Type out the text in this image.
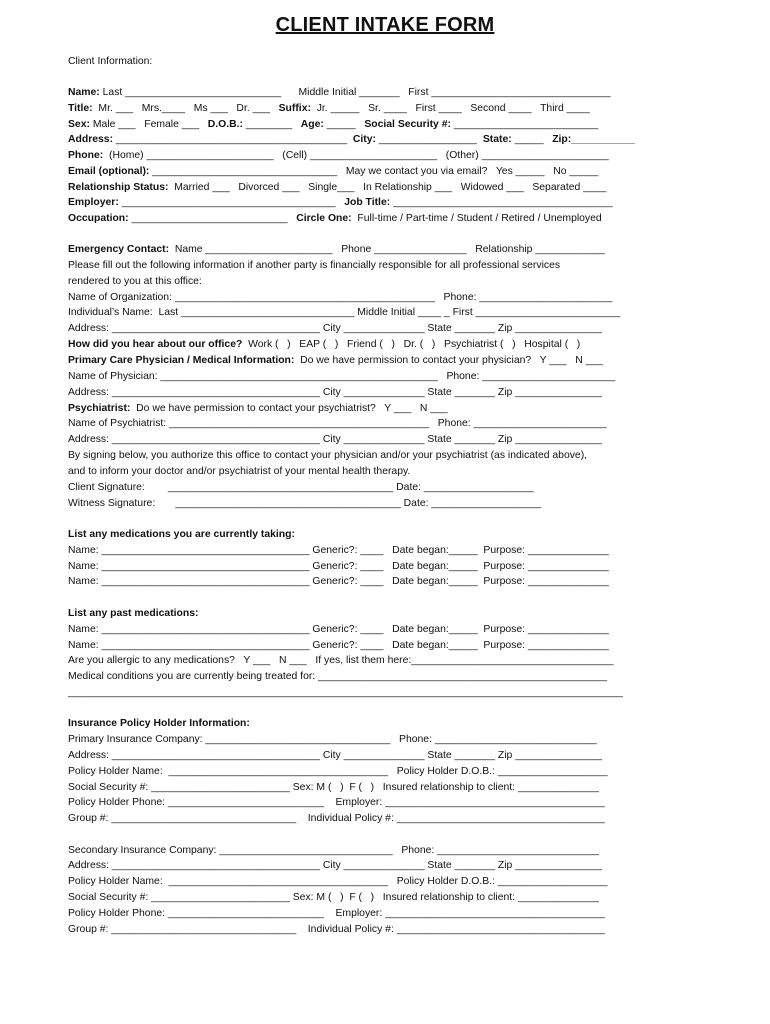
CLIENT INTAKE FORM
Client Information:
Name: Last ___________________________      Middle Initial _______   First _______________________________
Title:  Mr. ___   Mrs.____   Ms ___   Dr. ___   Suffix:  Jr. _____   Sr. ____   First ____   Second ____   Third ____
Sex: Male ___   Female ___   D.O.B.: ________   Age: _____   Social Security #: _________________________
Address: ________________________________________  City: _________________  State: _____   Zip:___________
Phone:  (Home) ______________________   (Cell) ______________________   (Other) ______________________
Email (optional): ________________________________   May we contact you via email?   Yes _____   No _____
Relationship Status:  Married ___   Divorced ___   Single___   In Relationship ___   Widowed ___   Separated ____
Employer: _____________________________________   Job Title: ______________________________________
Occupation: ___________________________   Circle One:  Full-time / Part-time / Student / Retired / Unemployed
Emergency Contact:  Name ______________________   Phone ________________   Relationship ____________
Please fill out the following information if another party is financially responsible for all professional services
rendered to you at this office:
Name of Organization: _____________________________________________   Phone: _______________________
Individual’s Name:  Last ______________________________ Middle Initial ____ _ First _________________________
Address: ____________________________________ City ______________ State _______ Zip _______________
How did you hear about our office?  Work (   )   EAP (   )   Friend (   )   Dr. (   )   Psychiatrist (   )   Hospital (   )
Primary Care Physician / Medical Information:  Do we have permission to contact your physician?   Y ___   N ___
Name of Physician: ________________________________________________   Phone: _______________________
Address: ____________________________________ City ______________ State _______ Zip _______________
Psychiatrist:  Do we have permission to contact your psychiatrist?   Y ___   N ___
Name of Psychiatrist: _____________________________________________   Phone: _______________________
Address: ____________________________________ City ______________ State _______ Zip _______________
By signing below, you authorize this office to contact your physician and/or your psychiatrist (as indicated above),
and to inform your doctor and/or psychiatrist of your mental health therapy.
Client Signature:        _______________________________________ Date: ___________________
Witness Signature:       _______________________________________ Date: ___________________
List any medications you are currently taking:
Name: ____________________________________ Generic?: ____   Date began:_____  Purpose: ______________
Name: ____________________________________ Generic?: ____   Date began:_____  Purpose: ______________
Name: ____________________________________ Generic?: ____   Date began:_____  Purpose: ______________
List any past medications:
Name: ____________________________________ Generic?: ____   Date began:_____  Purpose: ______________
Name: ____________________________________ Generic?: ____   Date began:_____  Purpose: ______________
Are you allergic to any medications?   Y ___   N ___   If yes, list them here:___________________________________
Medical conditions you are currently being treated for: __________________________________________________
________________________________________________________________________________________________
Insurance Policy Holder Information:
Primary Insurance Company: ________________________________   Phone: ____________________________
Address: ____________________________________ City ______________ State _______ Zip _______________
Policy Holder Name:  ______________________________________   Policy Holder D.O.B.: ___________________
Social Security #: ________________________ Sex: M (   )  F (   )   Insured relationship to client: ______________
Policy Holder Phone: ___________________________    Employer: ______________________________________
Group #: ________________________________    Individual Policy #: ____________________________________
Secondary Insurance Company: ______________________________   Phone: ____________________________
Address: ____________________________________ City ______________ State _______ Zip _______________
Policy Holder Name:  ______________________________________   Policy Holder D.O.B.: ___________________
Social Security #: ________________________ Sex: M (   )  F (   )   Insured relationship to client: ______________
Policy Holder Phone: ___________________________    Employer: ______________________________________
Group #: ________________________________    Individual Policy #: ____________________________________
